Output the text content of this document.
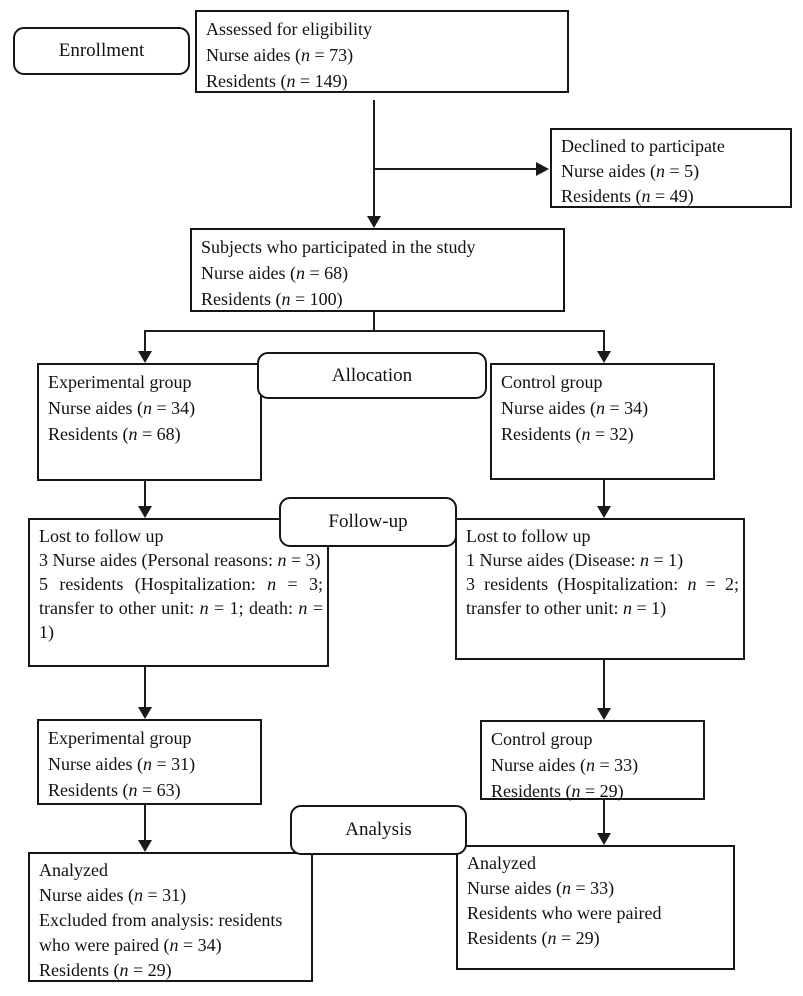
Enrollment
Allocation
Follow-up
Analysis
Assessed for eligibility
Nurse aides (n = 73)
Residents (n = 149)
Declined to participate
Nurse aides (n = 5)
Residents (n = 49)
Subjects who participated in the study
Nurse aides (n = 68)
Residents (n = 100)
Experimental group
Nurse aides (n = 34)
Residents (n = 68)
Control group
Nurse aides (n = 34)
Residents (n = 32)
Lost to follow up
3 Nurse aides (Personal reasons: n = 3)
5 residents (Hospitalization: n = 3; transfer to other unit: n = 1; death: n = 1)
Lost to follow up
1 Nurse aides (Disease: n = 1)
3 residents (Hospitalization: n = 2; transfer to other unit: n = 1)
Experimental group
Nurse aides (n = 31)
Residents (n = 63)
Control group
Nurse aides (n = 33)
Residents (n = 29)
Analyzed
Nurse aides (n = 31)
Excluded from analysis: residents who were paired (n = 34)
Residents (n = 29)
Analyzed
Nurse aides (n = 33)
Residents who were paired
Residents (n = 29)
